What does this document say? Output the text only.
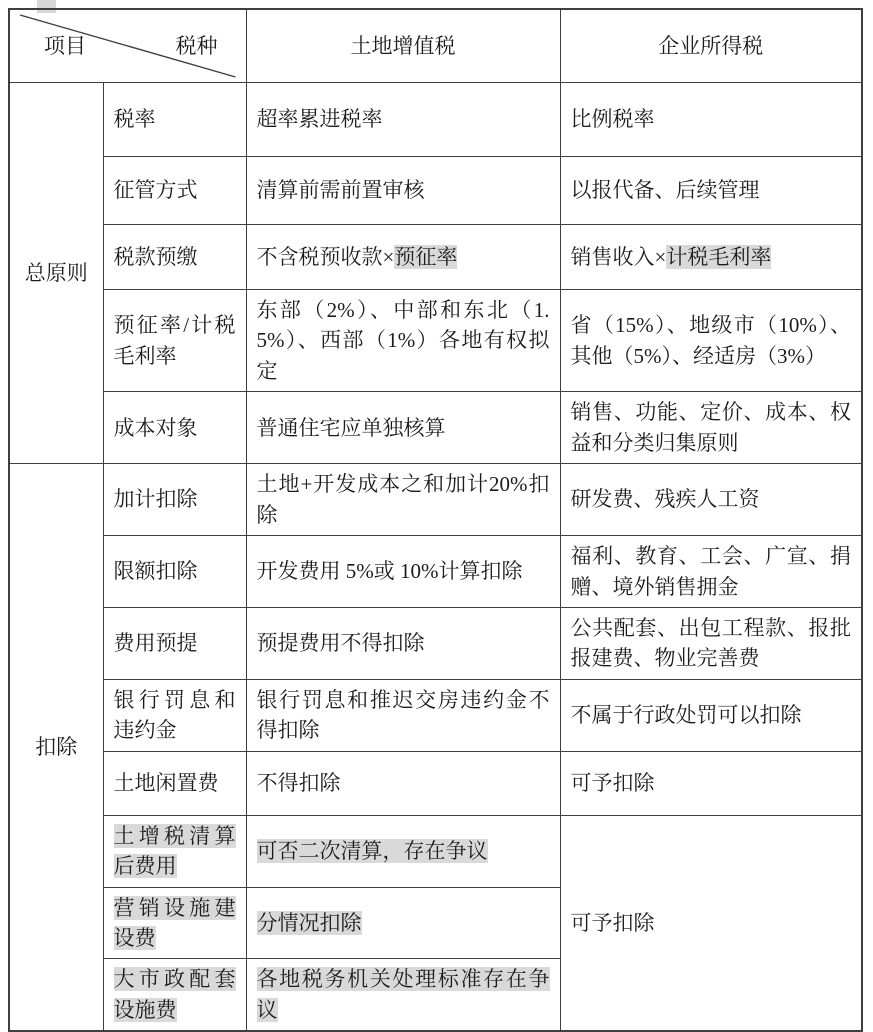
项目 税种		土地增值税	企业所得税
总原则	税率	超率累进税率	比例税率
	征管方式	清算前需前置审核	以报代备、后续管理
	税款预缴	不含税预收款×预征率	销售收入×计税毛利率
	预征率/计税毛利率	东部（2%）、中部和东北（1.5%）、西部（1%）各地有权拟定	省（15%）、地级市（10%）、其他（5%）、经适房（3%）
	成本对象	普通住宅应单独核算	销售、功能、定价、成本、权益和分类归集原则
扣除	加计扣除	土地+开发成本之和加计20%扣除	研发费、残疾人工资
	限额扣除	开发费用 5%或 10%计算扣除	福利、教育、工会、广宣、捐赠、境外销售拥金
	费用预提	预提费用不得扣除	公共配套、出包工程款、报批报建费、物业完善费
	银行罚息和违约金	银行罚息和推迟交房违约金不得扣除	不属于行政处罚可以扣除
	土地闲置费	不得扣除	可予扣除
	土增税清算后费用	可否二次清算，存在争议	可予扣除
	营销设施建设费	分情况扣除	
	大市政配套设施费	各地税务机关处理标准存在争议	
